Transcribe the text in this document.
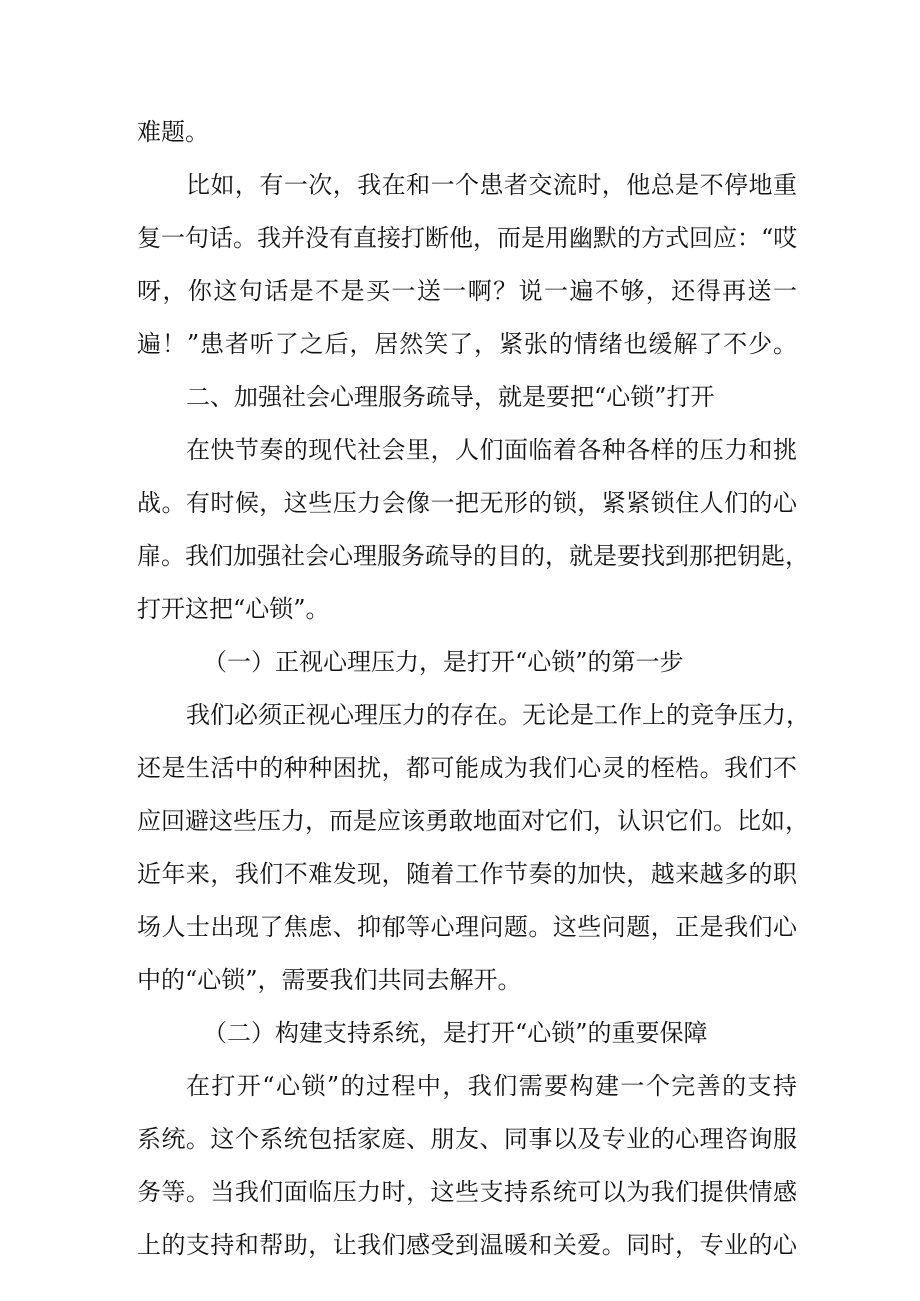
难题。
比如，有一次，我在和一个患者交流时，他总是不停地重
复一句话。我并没有直接打断他，而是用幽默的方式回应：“哎
呀，你这句话是不是买一送一啊？说一遍不够，还得再送一
遍！”患者听了之后，居然笑了，紧张的情绪也缓解了不少。
二、加强社会心理服务疏导，就是要把“心锁”打开
在快节奏的现代社会里，人们面临着各种各样的压力和挑
战。有时候，这些压力会像一把无形的锁，紧紧锁住人们的心
扉。我们加强社会心理服务疏导的目的，就是要找到那把钥匙，
打开这把“心锁”。
（一）正视心理压力，是打开“心锁”的第一步
我们必须正视心理压力的存在。无论是工作上的竞争压力，
还是生活中的种种困扰，都可能成为我们心灵的桎梏。我们不
应回避这些压力，而是应该勇敢地面对它们，认识它们。比如，
近年来，我们不难发现，随着工作节奏的加快，越来越多的职
场人士出现了焦虑、抑郁等心理问题。这些问题，正是我们心
中的“心锁”，需要我们共同去解开。
（二）构建支持系统，是打开“心锁”的重要保障
在打开“心锁”的过程中，我们需要构建一个完善的支持
系统。这个系统包括家庭、朋友、同事以及专业的心理咨询服
务等。当我们面临压力时，这些支持系统可以为我们提供情感
上的支持和帮助，让我们感受到温暖和关爱。同时，专业的心
